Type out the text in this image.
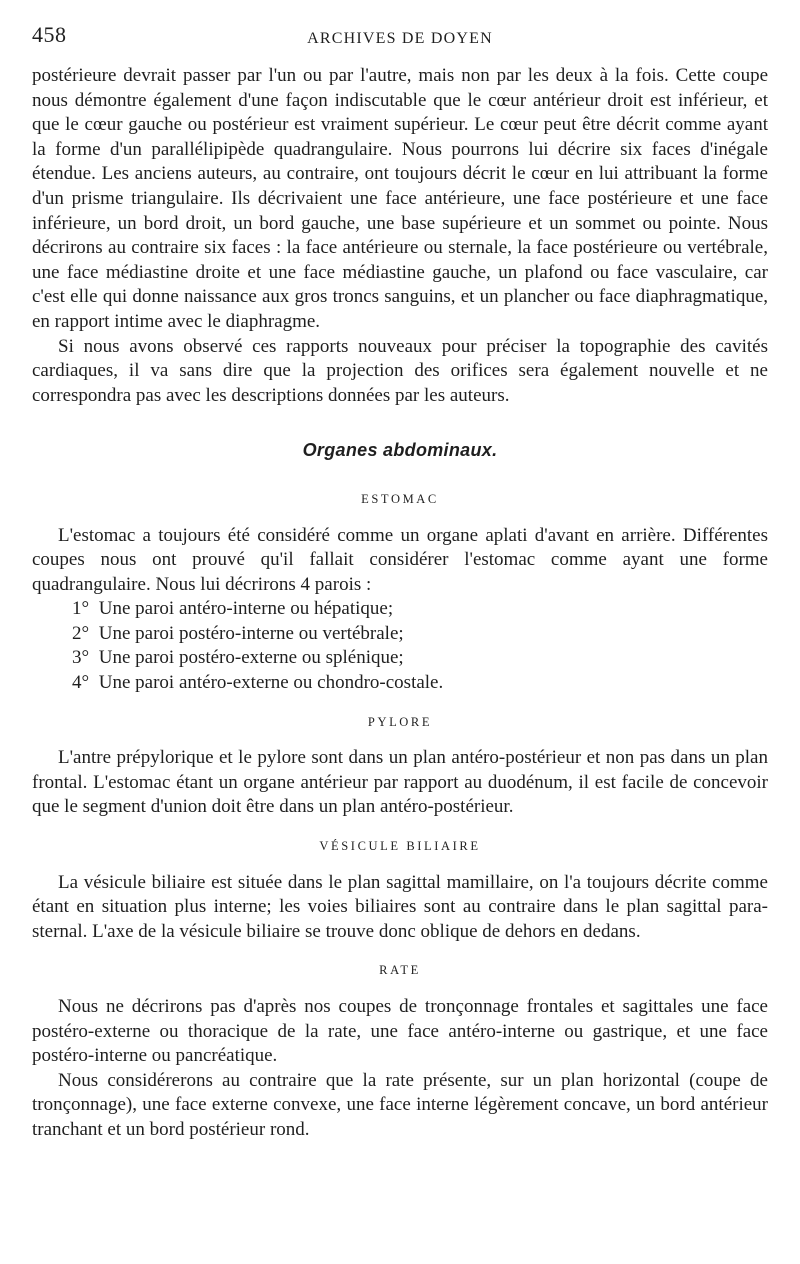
458	ARCHIVES DE DOYEN

postérieure devrait passer par l'un ou par l'autre, mais non par les deux à la fois. Cette coupe nous démontre également d'une façon indiscutable que le cœur antérieur droit est inférieur, et que le cœur gauche ou postérieur est vraiment supérieur. Le cœur peut être décrit comme ayant la forme d'un parallélipipède quadrangulaire. Nous pourrons lui décrire six faces d'inégale étendue. Les anciens auteurs, au contraire, ont toujours décrit le cœur en lui attribuant la forme d'un prisme triangulaire. Ils décrivaient une face antérieure, une face postérieure et une face inférieure, un bord droit, un bord gauche, une base supérieure et un sommet ou pointe. Nous décrirons au contraire six faces : la face antérieure ou sternale, la face postérieure ou vertébrale, une face médiastine droite et une face médiastine gauche, un plafond ou face vasculaire, car c'est elle qui donne naissance aux gros troncs sanguins, et un plancher ou face diaphragmatique, en rapport intime avec le diaphragme.

Si nous avons observé ces rapports nouveaux pour préciser la topographie des cavités cardiaques, il va sans dire que la projection des orifices sera également nouvelle et ne correspondra pas avec les descriptions données par les auteurs.

Organes abdominaux.
ESTOMAC

L'estomac a toujours été considéré comme un organe aplati d'avant en arrière. Différentes coupes nous ont prouvé qu'il fallait considérer l'estomac comme ayant une forme quadrangulaire. Nous lui décrirons 4 parois :

1° Une paroi antéro-interne ou hépatique;
2° Une paroi postéro-interne ou vertébrale;
3° Une paroi postéro-externe ou splénique;
4° Une paroi antéro-externe ou chondro-costale.
PYLORE

L'antre prépylorique et le pylore sont dans un plan antéro-postérieur et non pas dans un plan frontal. L'estomac étant un organe antérieur par rapport au duodénum, il est facile de concevoir que le segment d'union doit être dans un plan antéro-postérieur.

VÉSICULE BILIAIRE

La vésicule biliaire est située dans le plan sagittal mamillaire, on l'a toujours décrite comme étant en situation plus interne; les voies biliaires sont au contraire dans le plan sagittal para-sternal. L'axe de la vésicule biliaire se trouve donc oblique de dehors en dedans.

RATE

Nous ne décrirons pas d'après nos coupes de tronçonnage frontales et sagittales une face postéro-externe ou thoracique de la rate, une face antéro-interne ou gastrique, et une face postéro-interne ou pancréatique.

Nous considérerons au contraire que la rate présente, sur un plan horizontal (coupe de tronçonnage), une face externe convexe, une face interne légèrement concave, un bord antérieur tranchant et un bord postérieur rond.
